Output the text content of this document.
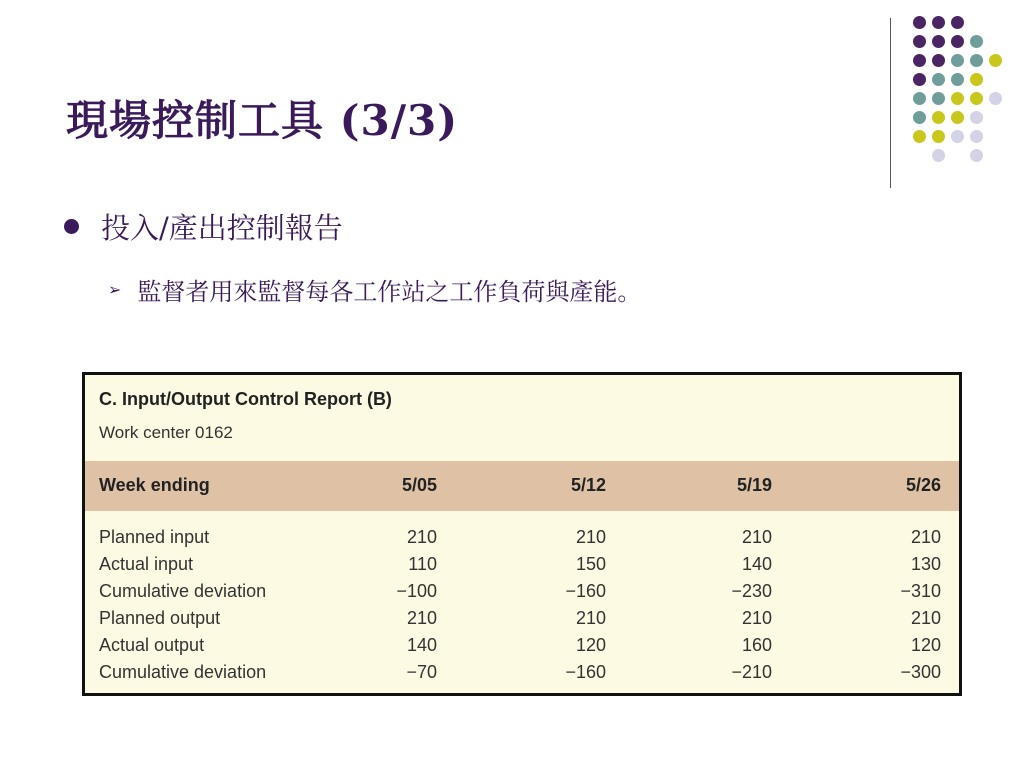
現場控制工具 (3/3)
投入/產出控制報告
➢ 監督者用來監督每各工作站之工作負荷與產能。
C. Input/Output Control Report (B)
Work center 0162
Week ending	5/05	5/12	5/19	5/26
Planned input	210	210	210	210
Actual input	110	150	140	130
Cumulative deviation	−100	−160	−230	−310
Planned output	210	210	210	210
Actual output	140	120	160	120
Cumulative deviation	−70	−160	−210	−300
